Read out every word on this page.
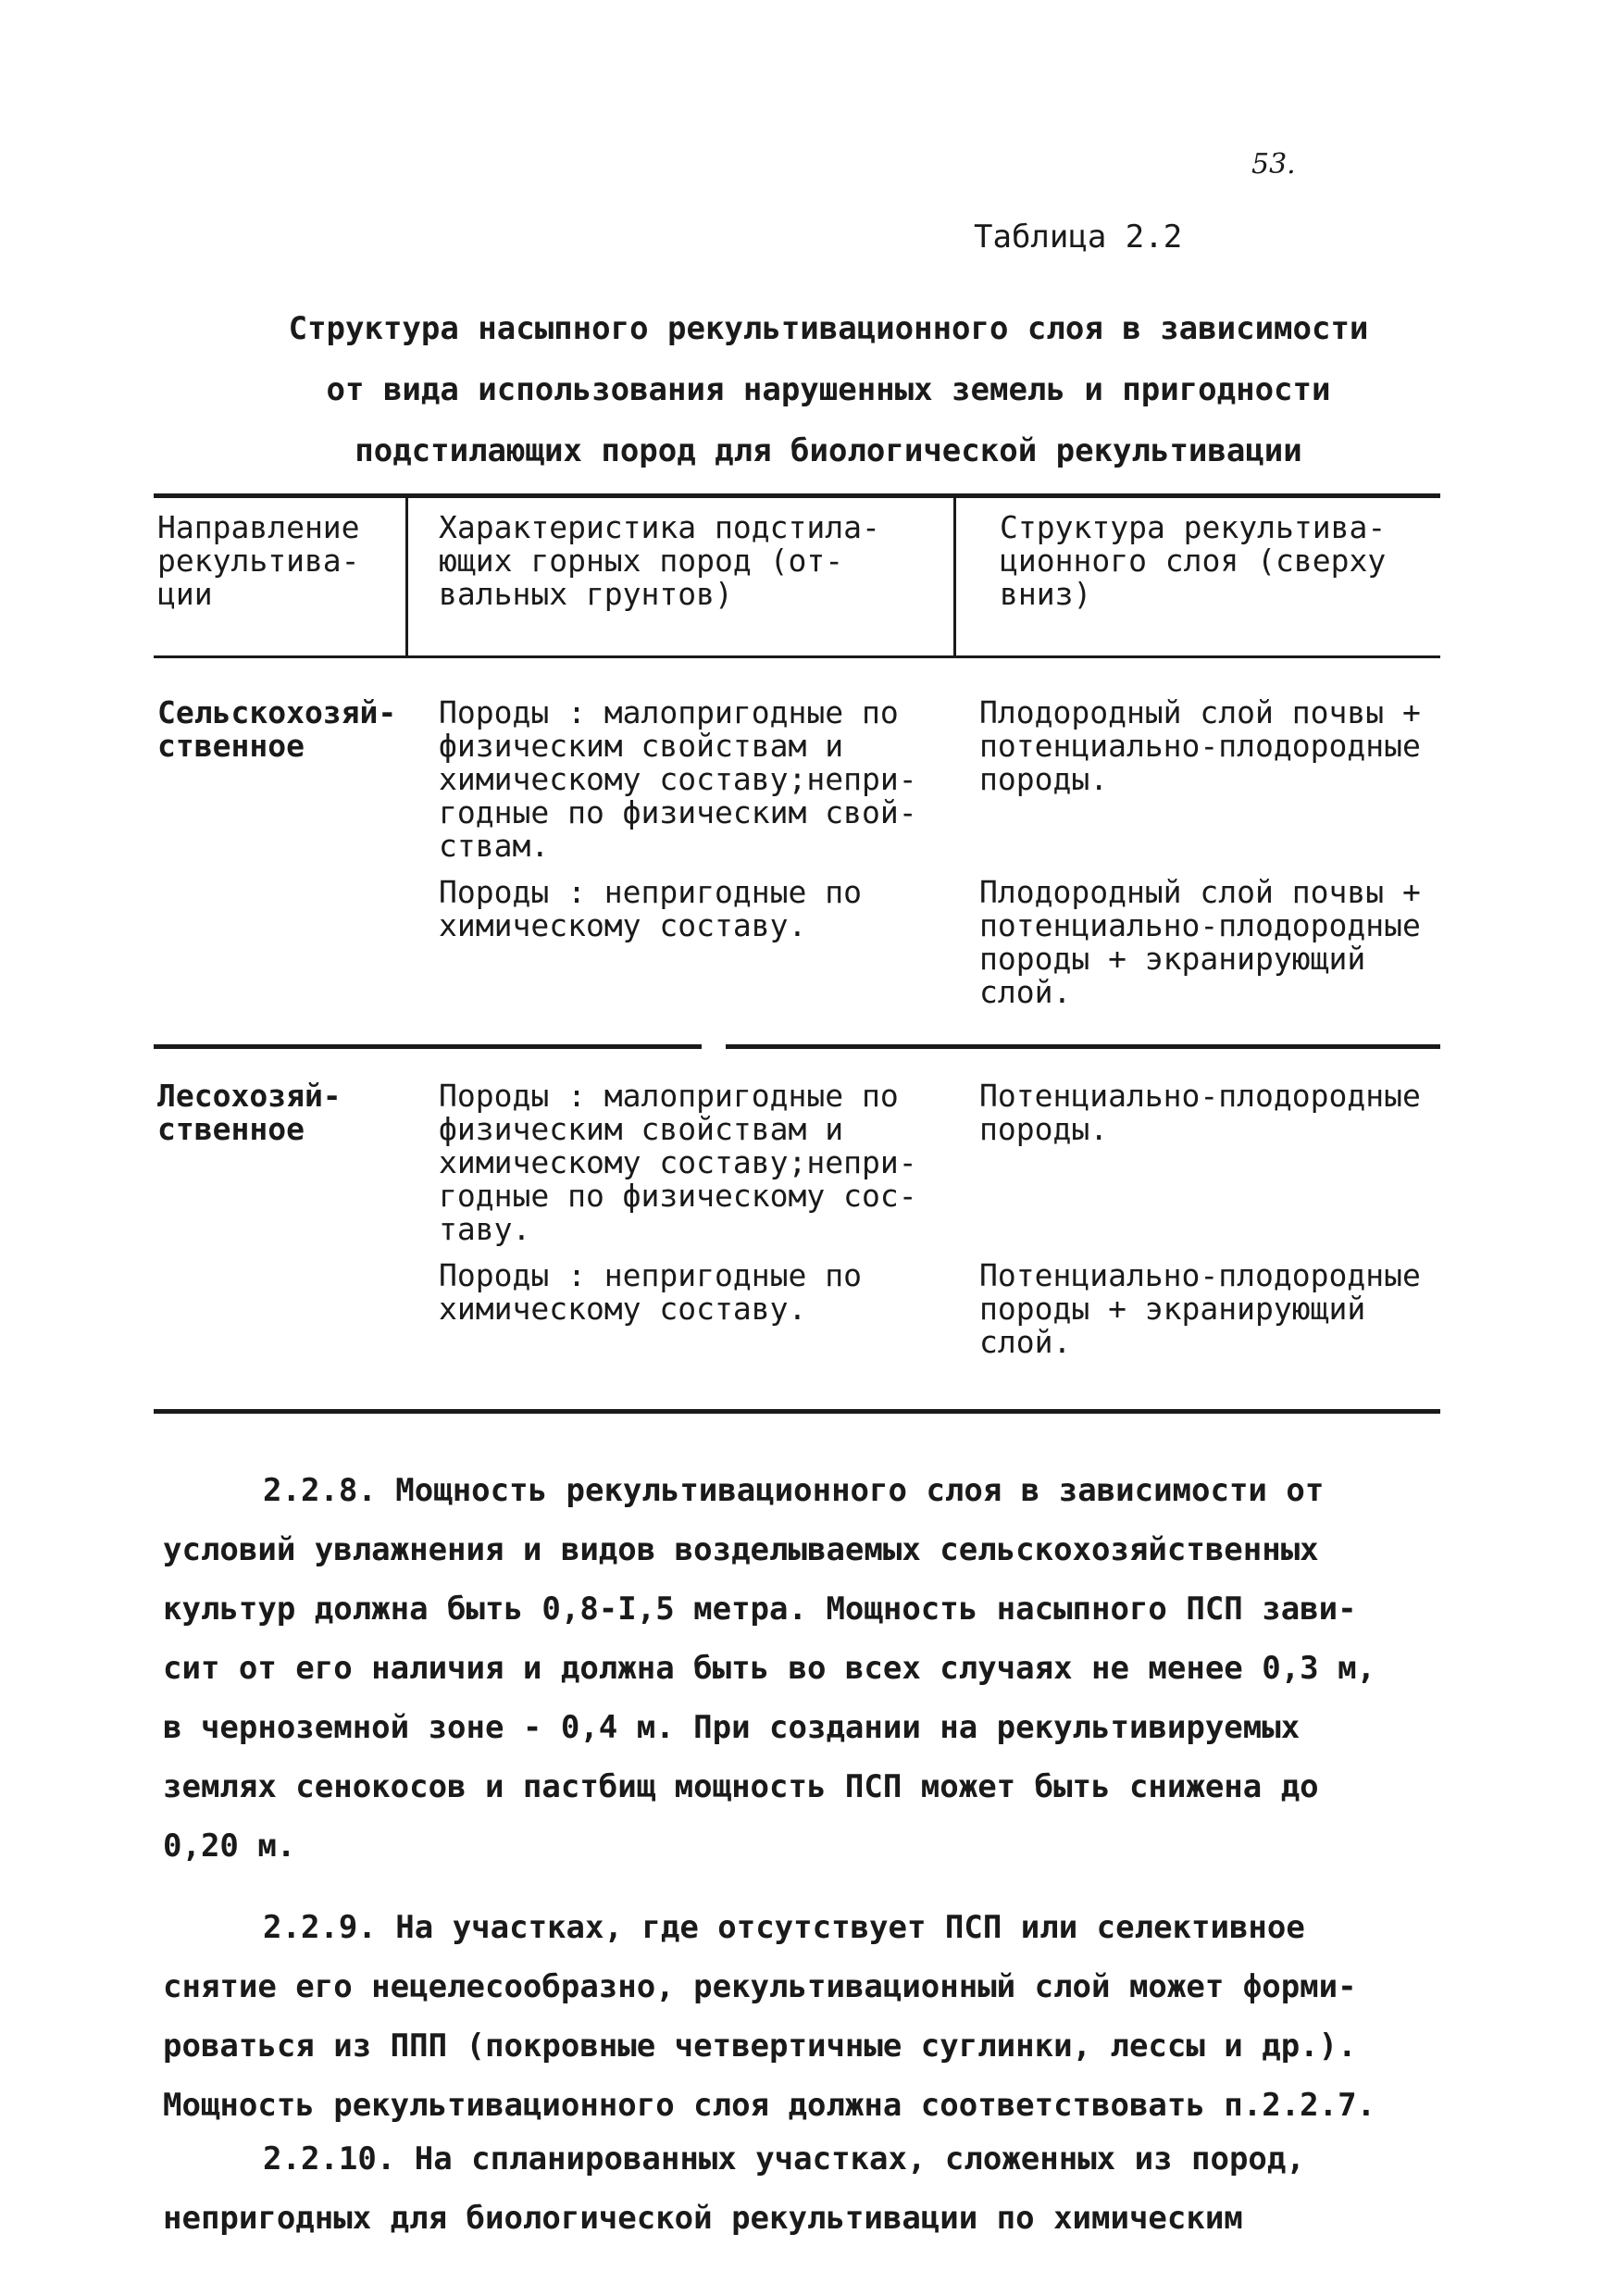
53.
Таблица 2.2
Структура насыпного рекультивационного слоя в зависимости
от вида использования нарушенных земель и пригодности
подстилающих пород для биологической рекультивации
Направление
рекультива-
ции
Характеристика подстила-
ющих горных пород (от-
вальных грунтов)
Структура рекультива-
ционного слоя (сверху
вниз)
Сельскохозяй-
ственное
Породы : малопригодные по
физическим свойствам и
химическому составу;непри-
годные по физическим свой-
ствам.
Плодородный слой почвы +
потенциально-плодородные
породы.
Породы : непригодные по
химическому составу.
Плодородный слой почвы +
потенциально-плодородные
породы + экранирующий
слой.
Лесохозяй-
ственное
Породы : малопригодные по
физическим свойствам и
химическому составу;непри-
годные по физическому сос-
таву.
Потенциально-плодородные
породы.
Породы : непригодные по
химическому составу.
Потенциально-плодородные
породы + экранирующий
слой.
2.2.8. Мощность рекультивационного слоя в зависимости от
условий увлажнения и видов возделываемых сельскохозяйственных
культур должна быть 0,8-I,5 метра. Мощность насыпного ПСП зави-
сит от его наличия и должна быть во всех случаях не менее 0,3 м,
в черноземной зоне - 0,4 м. При создании на рекультивируемых
землях сенокосов и пастбищ мощность ПСП может быть снижена до
0,20 м.
2.2.9. На участках, где отсутствует ПСП или селективное
снятие его нецелесообразно, рекультивационный слой может форми-
роваться из ППП (покровные четвертичные суглинки, лессы и др.).
Мощность рекультивационного слоя должна соответствовать п.2.2.7.
2.2.10. На спланированных участках, сложенных из пород,
непригодных для биологической рекультивации по химическим
